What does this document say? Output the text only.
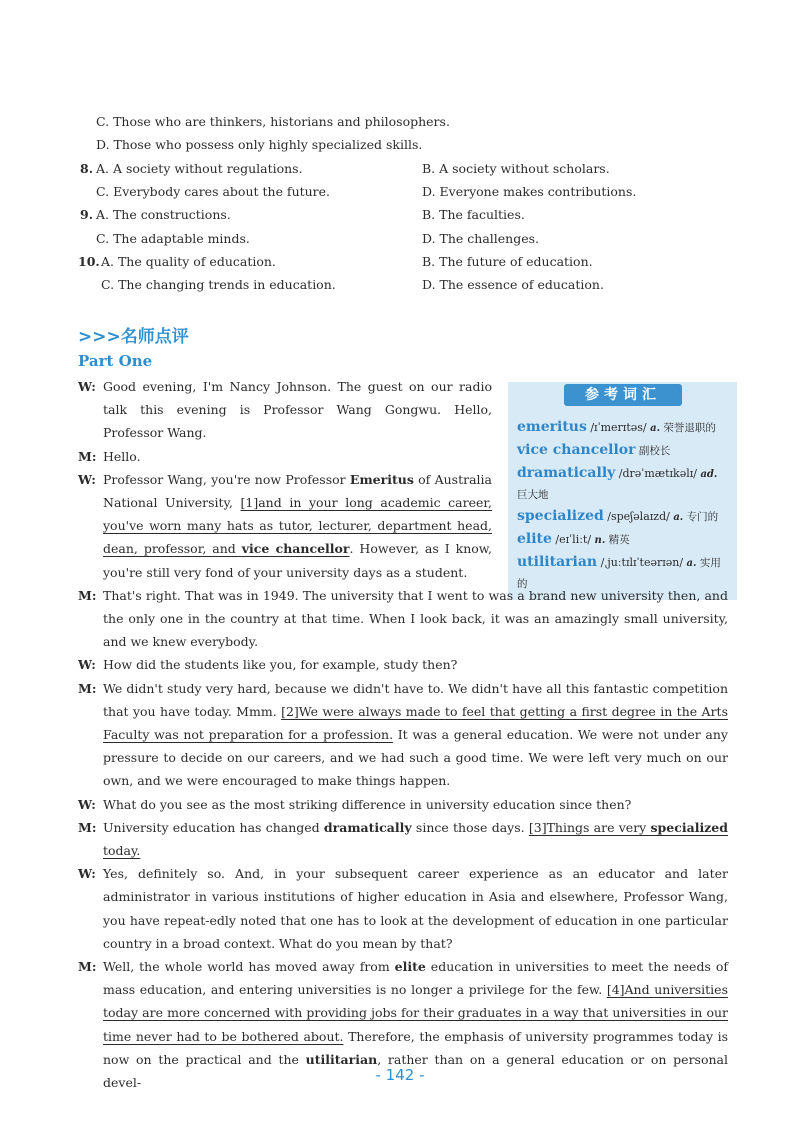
C. Those who are thinkers, historians and philosophers.
D. Those who possess only highly specialized skills.
8. A. A society without regulations.	B. A society without scholars.
C. Everybody cares about the future.	D. Everyone makes contributions.
9. A. The constructions.	B. The faculties.
C. The adaptable minds.	D. The challenges.
10. A. The quality of education.	B. The future of education.
C. The changing trends in education.	D. The essence of education.
>>>名师点评
Part One
参考词汇
emeritus /ɪˈmerɪtəs/ a. 荣誉退职的
vice chancellor 副校长
dramatically /drəˈmætɪkəlɪ/ ad.
巨大地
specialized /speʃəlaɪzd/ a. 专门的
elite /eɪˈliːt/ n. 精英
utilitarian /ˌjuːtɪlɪˈteərɪən/ a. 实用的
W: Good evening, I'm Nancy Johnson. The guest on our radio talk this evening is Professor Wang Gongwu. Hello, Professor Wang.
M: Hello.
W: Professor Wang, you're now Professor Emeritus of Australia National University, [1]and in your long academic career, you've worn many hats as tutor, lecturer, department head, dean, professor, and vice chancellor. However, as I know, you're still very fond of your university days as a student.
M: That's right. That was in 1949. The university that I went to was a brand new university then, and the only one in the country at that time. When I look back, it was an amazingly small university, and we knew everybody.
W: How did the students like you, for example, study then?
M: We didn't study very hard, because we didn't have to. We didn't have all this fantastic competition that you have today. Mmm. [2]We were always made to feel that getting a first degree in the Arts Faculty was not preparation for a profession. It was a general education. We were not under any pressure to decide on our careers, and we had such a good time. We were left very much on our own, and we were encouraged to make things happen.
W: What do you see as the most striking difference in university education since then?
M: University education has changed dramatically since those days. [3]Things are very specialized today.
W: Yes, definitely so. And, in your subsequent career experience as an educator and later administrator in various institutions of higher education in Asia and elsewhere, Professor Wang, you have repeat-edly noted that one has to look at the development of education in one particular country in a broad context. What do you mean by that?
M: Well, the whole world has moved away from elite education in universities to meet the needs of mass education, and entering universities is no longer a privilege for the few. [4]And universities today are more concerned with providing jobs for their graduates in a way that universities in our time never had to be bothered about. Therefore, the emphasis of university programmes today is now on the practical and the utilitarian, rather than on a general education or on personal devel-	- 142 -
